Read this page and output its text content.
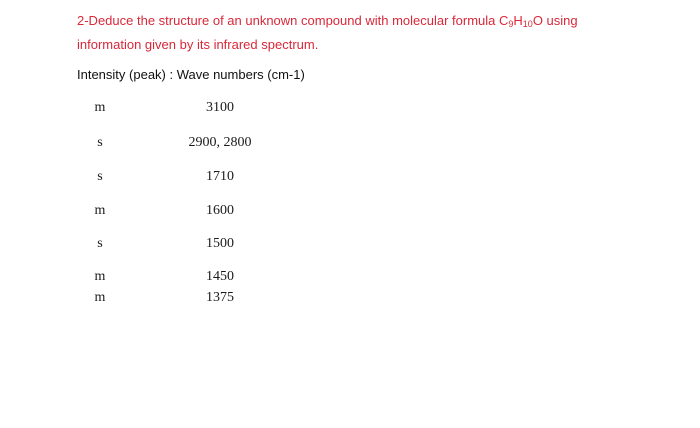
2-Deduce the structure of an unknown compound with molecular formula $C_9H_{10}O$ using
information given by its infrared spectrum.
Intensity (peak) : Wave numbers (cm-1)
m	3100
s	2900, 2800
s	1710
m	1600
s	1500
m	1450
m	1375
